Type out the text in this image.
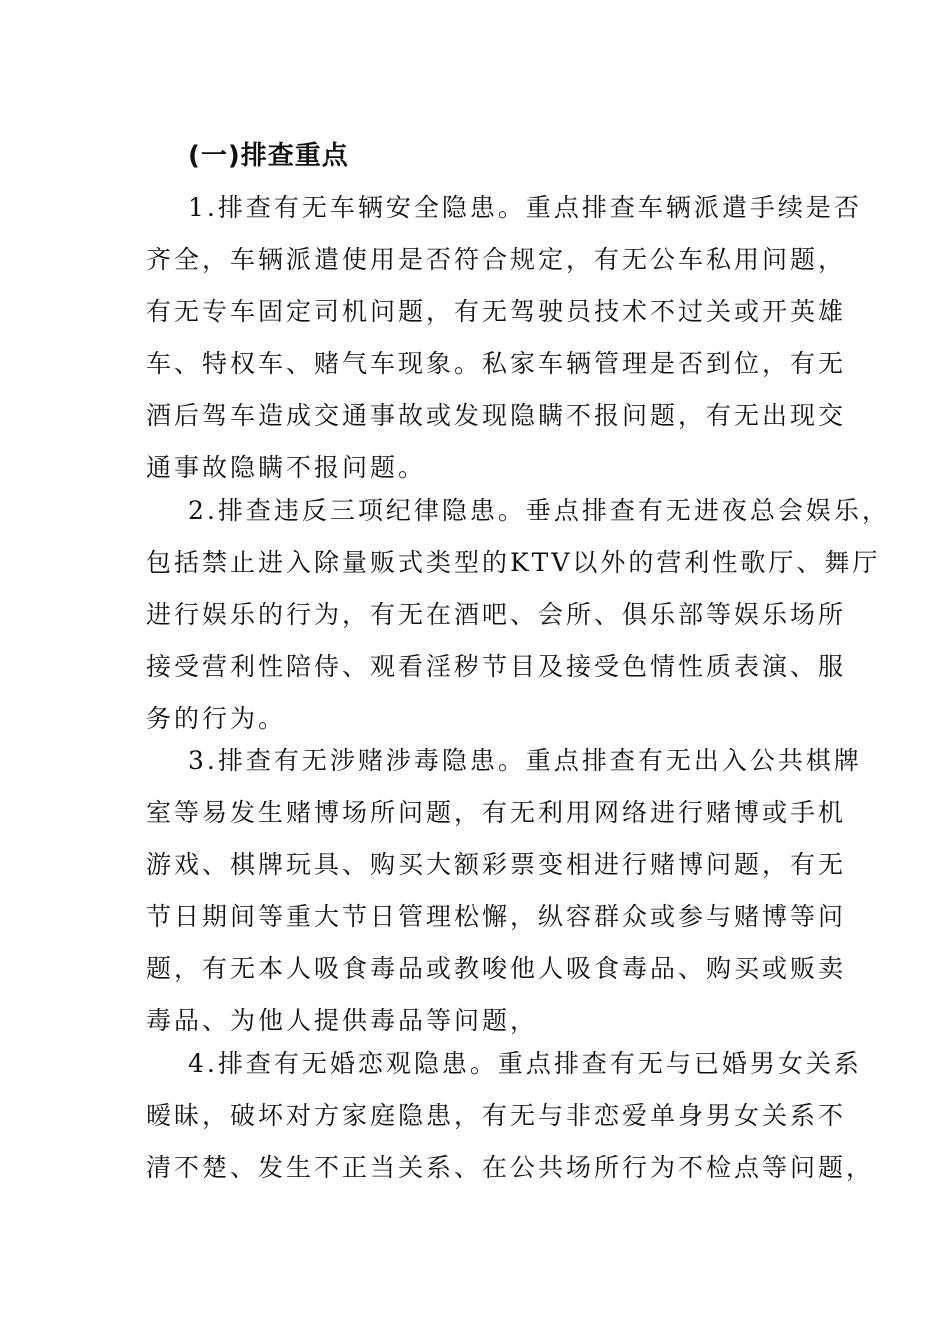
(一)排查重点
1.排查有无车辆安全隐患。重点排查车辆派遣手续是否
齐全，车辆派遣使用是否符合规定，有无公车私用问题，
有无专车固定司机问题，有无驾驶员技术不过关或开英雄
车、特权车、赌气车现象。私家车辆管理是否到位，有无
酒后驾车造成交通事故或发现隐瞒不报问题，有无出现交
通事故隐瞒不报问题。
2.排查违反三项纪律隐患。垂点排查有无进夜总会娱乐，
包括禁止进入除量贩式类型的KTV以外的营利性歌厅、舞厅
进行娱乐的行为，有无在酒吧、会所、俱乐部等娱乐场所
接受营利性陪侍、观看淫秽节目及接受色情性质表演、服
务的行为。
3.排查有无涉赌涉毒隐患。重点排查有无出入公共棋牌
室等易发生赌博场所问题，有无利用网络进行赌博或手机
游戏、棋牌玩具、购买大额彩票变相进行赌博问题，有无
节日期间等重大节日管理松懈，纵容群众或参与赌博等问
题，有无本人吸食毒品或教唆他人吸食毒品、购买或贩卖
毒品、为他人提供毒品等问题，
4.排查有无婚恋观隐患。重点排查有无与已婚男女关系
暧昧，破坏对方家庭隐患，有无与非恋爱单身男女关系不
清不楚、发生不正当关系、在公共场所行为不检点等问题，
